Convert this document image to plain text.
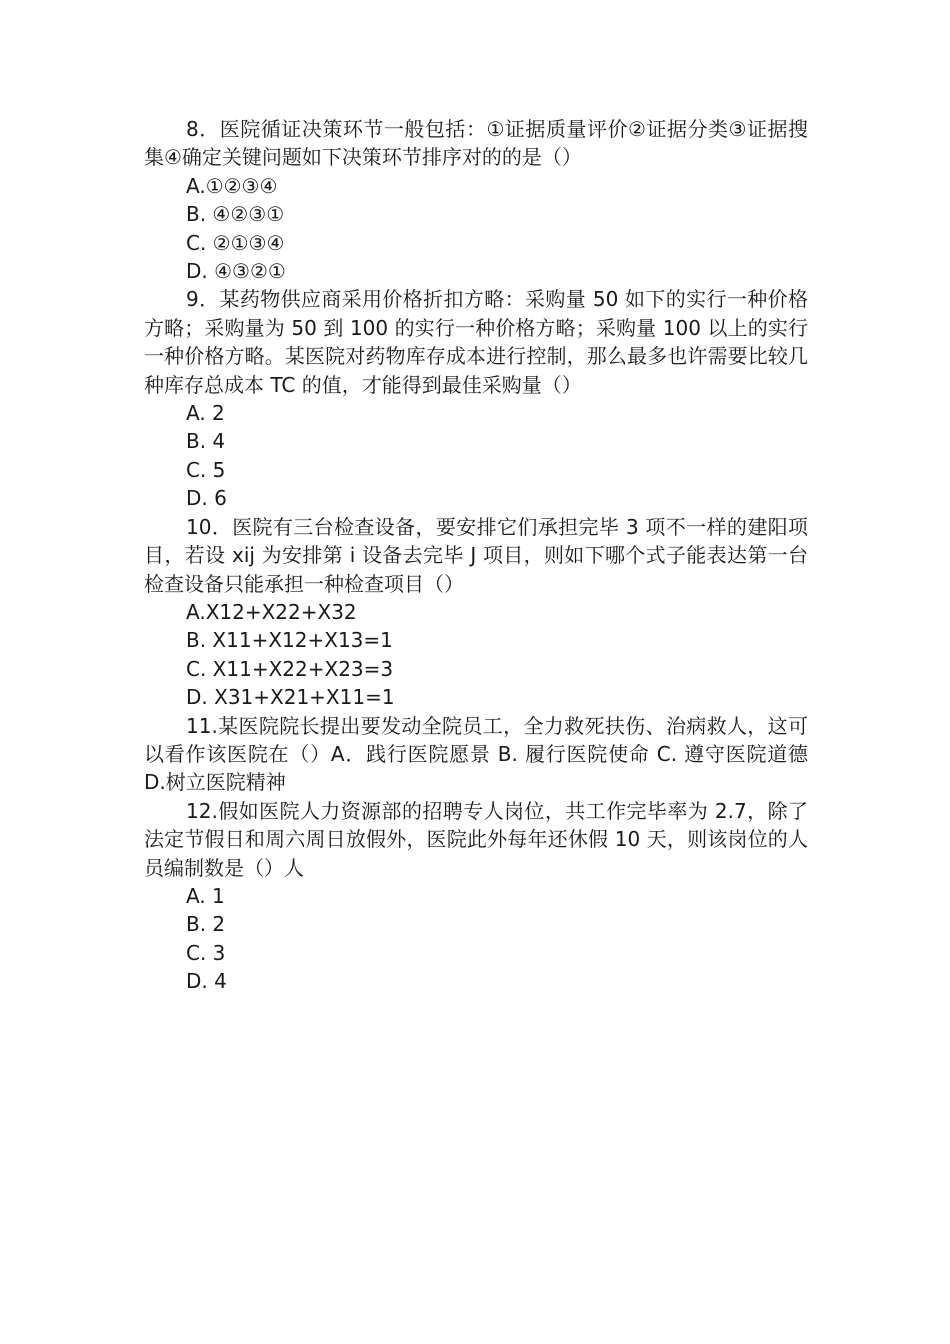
8．医院循证决策环节一般包括：①证据质量评价②证据分类③证据搜集④确定关键问题如下决策环节排序对的的是（）

A.①②③④

B. ④②③①

C. ②①③④

D. ④③②①

9．某药物供应商采用价格折扣方略：采购量 50 如下的实行一种价格方略；采购量为 50 到 100 的实行一种价格方略；采购量 100 以上的实行一种价格方略。某医院对药物库存成本进行控制，那么最多也许需要比较几种库存总成本 TC 的值，才能得到最佳采购量（）

A. 2

B. 4

C. 5

D. 6

10．医院有三台检查设备，要安排它们承担完毕 3 项不一样的建阳项目，若设 xij 为安排第 i 设备去完毕 J 项目，则如下哪个式子能表达第一台检查设备只能承担一种检查项目（）

A.X12+X22+X32

B. X11+X12+X13=1

C. X11+X22+X23=3

D. X31+X21+X11=1

11.某医院院长提出要发动全院员工，全力救死扶伤、治病救人，这可以看作该医院在（）A．践行医院愿景 B. 履行医院使命 C. 遵守医院道德 D.树立医院精神

12.假如医院人力资源部的招聘专人岗位，共工作完毕率为 2.7，除了法定节假日和周六周日放假外，医院此外每年还休假 10 天，则该岗位的人员编制数是（）人

A. 1

B. 2

C. 3

D. 4
